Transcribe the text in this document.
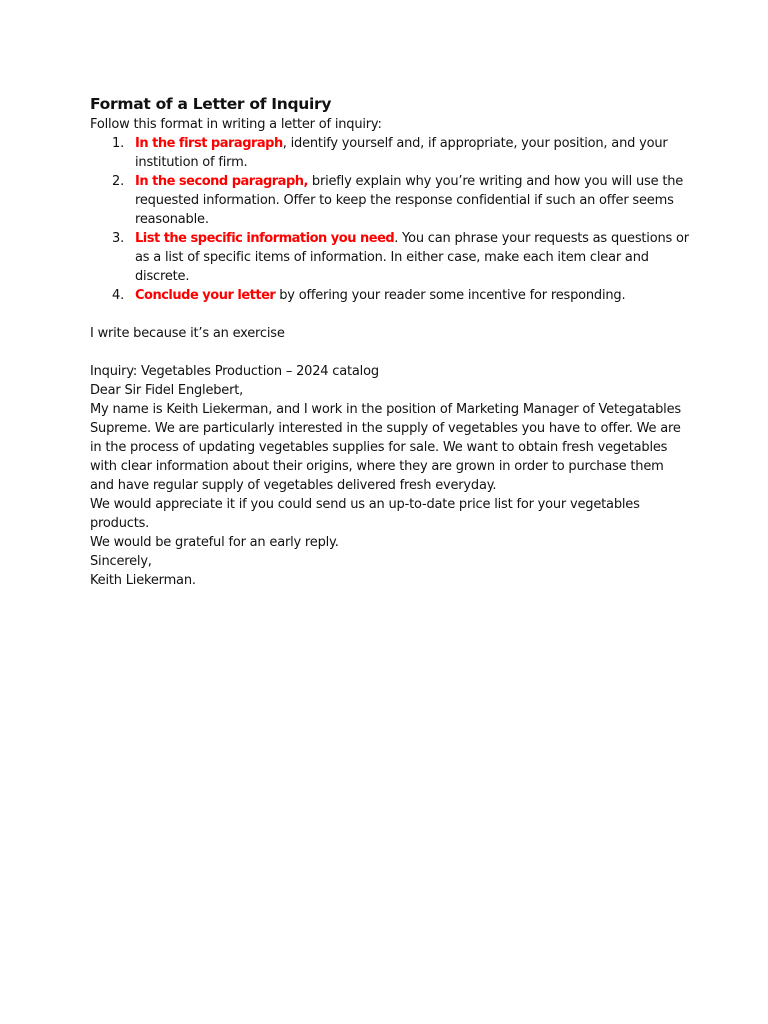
Format of a Letter of Inquiry
Follow this format in writing a letter of inquiry:
1. In the first paragraph, identify yourself and, if appropriate, your position, and your institution of firm.
2. In the second paragraph, briefly explain why you’re writing and how you will use the requested information. Offer to keep the response confidential if such an offer seems reasonable.
3. List the specific information you need. You can phrase your requests as questions or as a list of specific items of information. In either case, make each item clear and discrete.
4. Conclude your letter by offering your reader some incentive for responding.

I write because it’s an exercise

Inquiry: Vegetables Production – 2024 catalog

Dear Sir Fidel Englebert,

My name is Keith Liekerman, and I work in the position of Marketing Manager of Vetegatables Supreme. We are particularly interested in the supply of vegetables you have to offer. We are in the process of updating vegetables supplies for sale. We want to obtain fresh vegetables with clear information about their origins, where they are grown in order to purchase them and have regular supply of vegetables delivered fresh everyday.

We would appreciate it if you could send us an up-to-date price list for your vegetables products.

We would be grateful for an early reply.

Sincerely,

Keith Liekerman.
